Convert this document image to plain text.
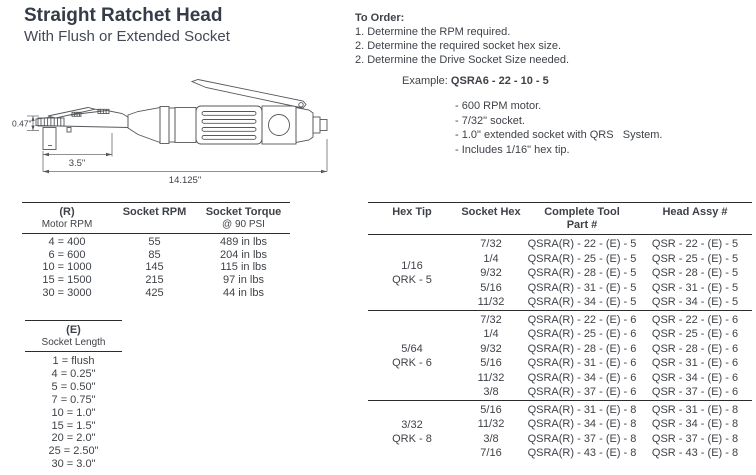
Straight Ratchet Head
With Flush or Extended Socket
To Order:
1. Determine the RPM required.
2. Determine the required socket hex size.
2. Determine the Drive Socket Size needed.
Example: QSRA6 - 22 - 10 - 5
- 600 RPM motor.
- 7/32" socket.
- 1.0" extended socket with QRS   System.
- Includes 1/16" hex tip.
0.47"
3.5"
14.125"
(R)
Motor RPM

Socket RPM	Socket Torque
@ 90 PSI

4 = 400	55	489 in lbs
6 = 600	85	204 in lbs
10 = 1000	145	115 in lbs
15 = 1500	215	97 in lbs
30 = 3000	425	44 in lbs
(E)
Socket Length

1 = flush
4 = 0.25"
5 = 0.50"
7 = 0.75"
10 = 1.0"
15 = 1.5"
20 = 2.0"
25 = 2.50"
30 = 3.0"
Hex Tip	Socket Hex	Complete Tool
Part #	Head Assy #

1/16
QRK - 5	7/32	QSRA(R) - 22 - (E) - 5	QSR - 22 - (E) - 5
	1/4	QSRA(R) - 25 - (E) - 5	QSR - 25 - (E) - 5
	9/32	QSRA(R) - 28 - (E) - 5	QSR - 28 - (E) - 5
	5/16	QSRA(R) - 31 - (E) - 5	QSR - 31 - (E) - 5
	11/32	QSRA(R) - 34 - (E) - 5	QSR - 34 - (E) - 5

5/64
QRK - 6	7/32	QSRA(R) - 22 - (E) - 6	QSR - 22 - (E) - 6
	1/4	QSRA(R) - 25 - (E) - 6	QSR - 25 - (E) - 6
	9/32	QSRA(R) - 28 - (E) - 6	QSR - 28 - (E) - 6
	5/16	QSRA(R) - 31 - (E) - 6	QSR - 31 - (E) - 6
	11/32	QSRA(R) - 34 - (E) - 6	QSR - 34 - (E) - 6
	3/8	QSRA(R) - 37 - (E) - 6	QSR - 37 - (E) - 6

3/32
QRK - 8	5/16	QSRA(R) - 31 - (E) - 8	QSR - 31 - (E) - 8
	11/32	QSRA(R) - 34 - (E) - 8	QSR - 34 - (E) - 8
	3/8	QSRA(R) - 37 - (E) - 8	QSR - 37 - (E) - 8
	7/16	QSRA(R) - 43 - (E) - 8	QSR - 43 - (E) - 8
